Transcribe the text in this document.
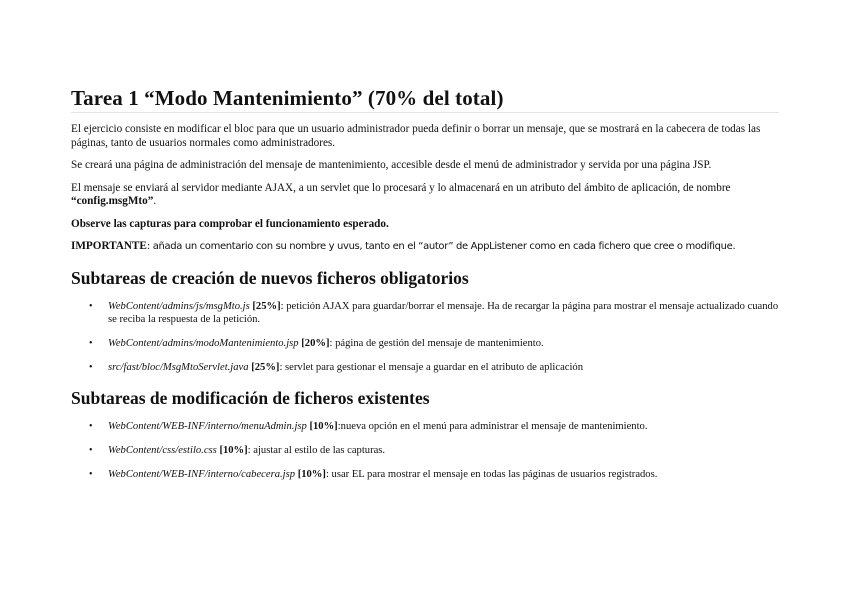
Tarea 1 “Modo Mantenimiento” (70% del total)

El ejercicio consiste en modificar el bloc para que un usuario administrador pueda definir o borrar un mensaje, que se mostrará en la cabecera de todas las páginas, tanto de usuarios normales como administradores.

Se creará una página de administración del mensaje de mantenimiento, accesible desde el menú de administrador y servida por una página JSP.

El mensaje se enviará al servidor mediante AJAX, a un servlet que lo procesará y lo almacenará en un atributo del ámbito de aplicación, de nombre “config.msgMto”.

Observe las capturas para comprobar el funcionamiento esperado.

IMPORTANTE: añada un comentario con su nombre y uvus, tanto en el “autor” de AppListener como en cada fichero que cree o modifique.

Subtareas de creación de nuevos ficheros obligatorios
• WebContent/admins/js/msgMto.js [25%]: petición AJAX para guardar/borrar el mensaje. Ha de recargar la página para mostrar el mensaje actualizado cuando se reciba la respuesta de la petición.
• WebContent/admins/modoMantenimiento.jsp [20%]: página de gestión del mensaje de mantenimiento.
• src/fast/bloc/MsgMtoServlet.java [25%]: servlet para gestionar el mensaje a guardar en el atributo de aplicación
Subtareas de modificación de ficheros existentes
• WebContent/WEB-INF/interno/menuAdmin.jsp [10%]:nueva opción en el menú para administrar el mensaje de mantenimiento.
• WebContent/css/estilo.css [10%]: ajustar al estilo de las capturas.
• WebContent/WEB-INF/interno/cabecera.jsp [10%]: usar EL para mostrar el mensaje en todas las páginas de usuarios registrados.
